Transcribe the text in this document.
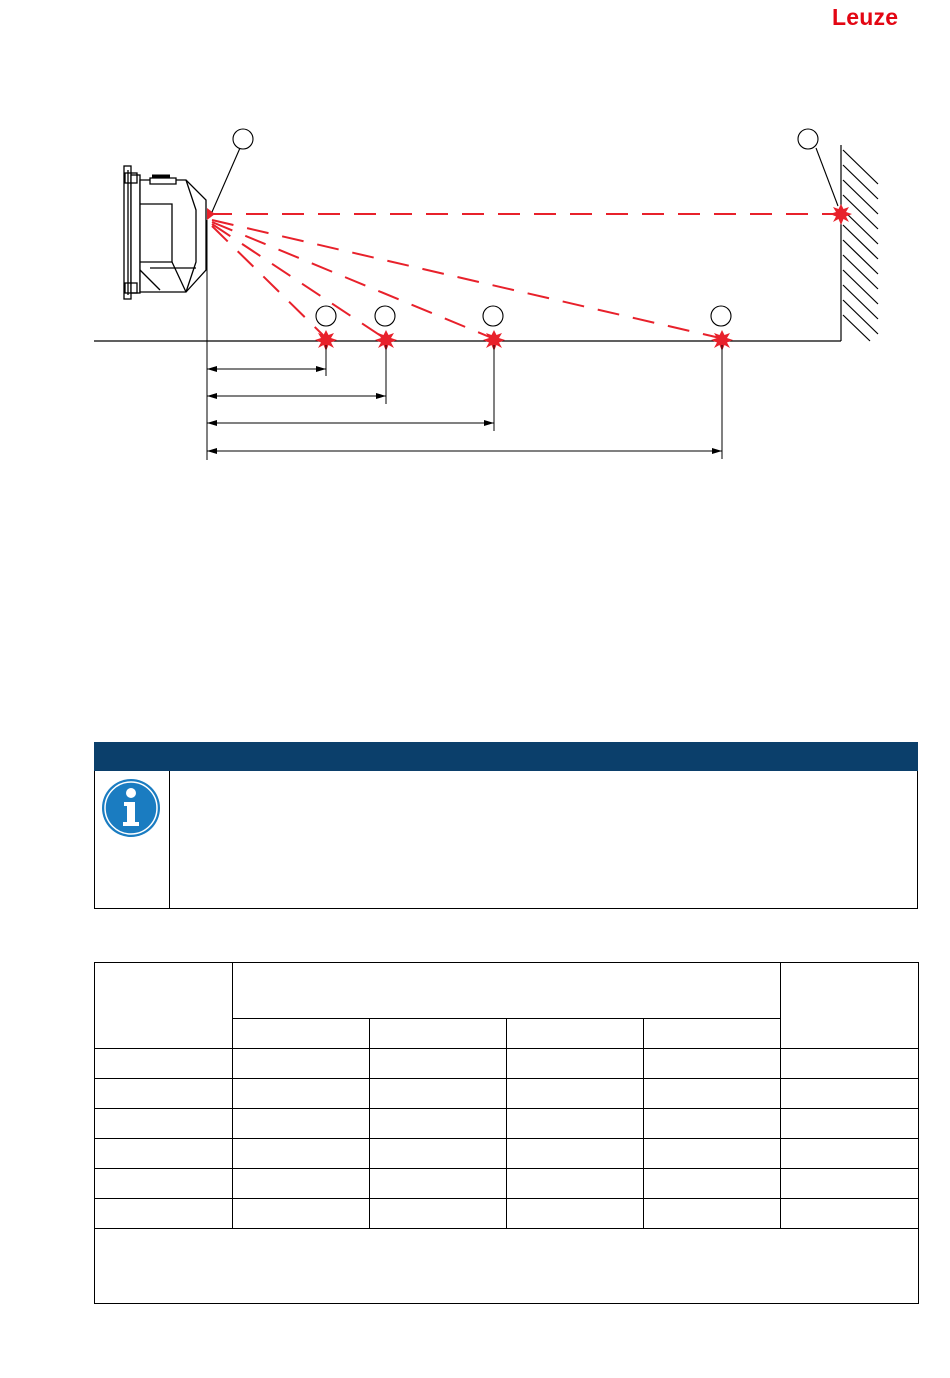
Leuze
